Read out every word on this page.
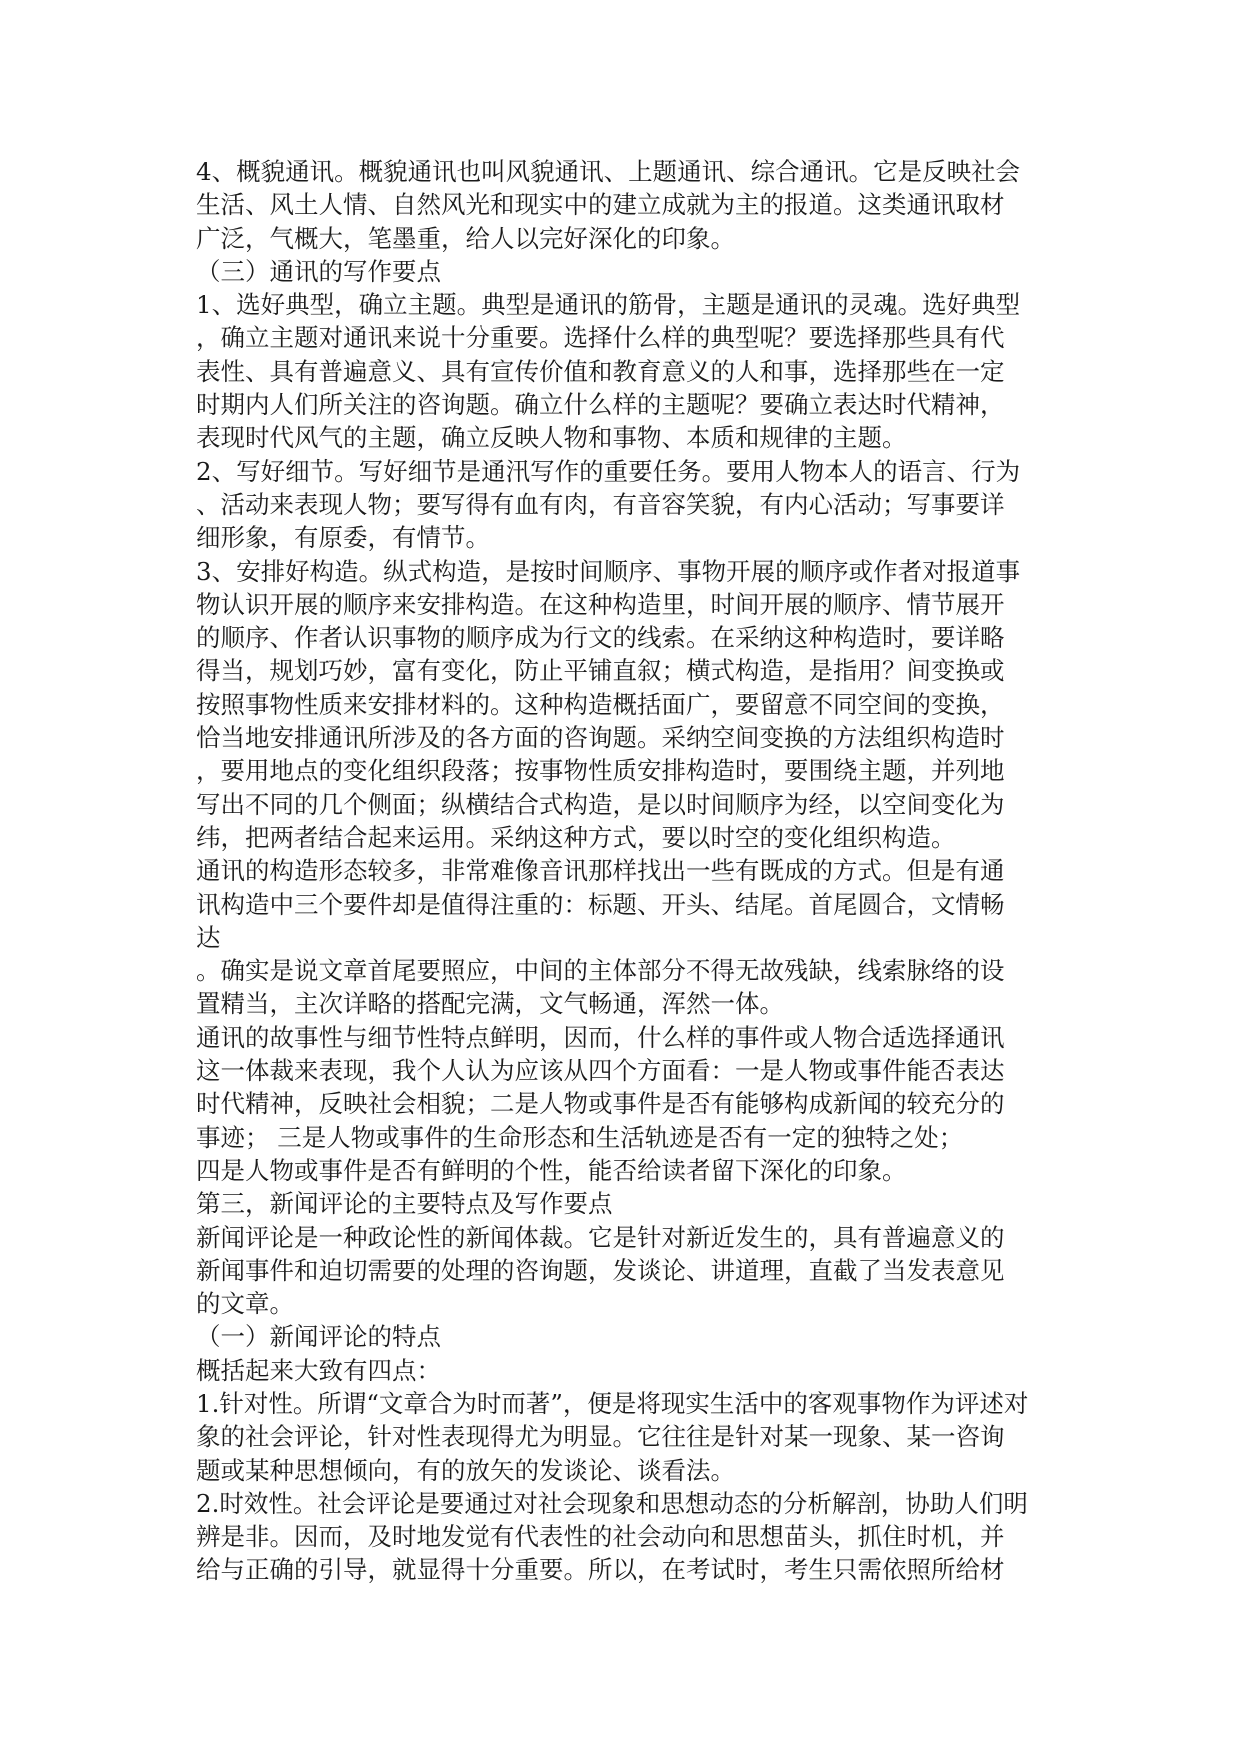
4、概貌通讯。概貌通讯也叫风貌通讯、上题通讯、综合通讯。它是反映社会
生活、风土人情、自然风光和现实中的建立成就为主的报道。这类通讯取材
广泛，气概大，笔墨重，给人以完好深化的印象。
（三）通讯的写作要点
1、选好典型，确立主题。典型是通讯的筋骨，主题是通讯的灵魂。选好典型
，确立主题对通讯来说十分重要。选择什么样的典型呢？要选择那些具有代
表性、具有普遍意义、具有宣传价值和教育意义的人和事，选择那些在一定
时期内人们所关注的咨询题。确立什么样的主题呢？要确立表达时代精神，
表现时代风气的主题，确立反映人物和事物、本质和规律的主题。
2、写好细节。写好细节是通汛写作的重要任务。要用人物本人的语言、行为
、活动来表现人物；要写得有血有肉，有音容笑貌，有内心活动；写事要详
细形象，有原委，有情节。
3、安排好构造。纵式构造，是按时间顺序、事物开展的顺序或作者对报道事
物认识开展的顺序来安排构造。在这种构造里，时间开展的顺序、情节展开
的顺序、作者认识事物的顺序成为行文的线索。在采纳这种构造时，要详略
得当，规划巧妙，富有变化，防止平铺直叙；横式构造，是指用？间变换或
按照事物性质来安排材料的。这种构造概括面广，要留意不同空间的变换，
恰当地安排通讯所涉及的各方面的咨询题。采纳空间变换的方法组织构造时
，要用地点的变化组织段落；按事物性质安排构造时，要围绕主题，并列地
写出不同的几个侧面；纵横结合式构造，是以时间顺序为经，以空间变化为
纬，把两者结合起来运用。采纳这种方式，要以时空的变化组织构造。
通讯的构造形态较多，非常难像音讯那样找出一些有既成的方式。但是有通
讯构造中三个要件却是值得注重的：标题、开头、结尾。首尾圆合，文情畅
达
。确实是说文章首尾要照应，中间的主体部分不得无故残缺，线索脉络的设
置精当，主次详略的搭配完满，文气畅通，浑然一体。
通讯的故事性与细节性特点鲜明，因而，什么样的事件或人物合适选择通讯
这一体裁来表现，我个人认为应该从四个方面看：一是人物或事件能否表达
时代精神，反映社会相貌；二是人物或事件是否有能够构成新闻的较充分的
事迹； 三是人物或事件的生命形态和生活轨迹是否有一定的独特之处；
四是人物或事件是否有鲜明的个性，能否给读者留下深化的印象。
第三，新闻评论的主要特点及写作要点
新闻评论是一种政论性的新闻体裁。它是针对新近发生的，具有普遍意义的
新闻事件和迫切需要的处理的咨询题，发谈论、讲道理，直截了当发表意见
的文章。
（一）新闻评论的特点
概括起来大致有四点：
1.针对性。所谓“文章合为时而著”，便是将现实生活中的客观事物作为评述对
象的社会评论，针对性表现得尤为明显。它往往是针对某一现象、某一咨询
题或某种思想倾向，有的放矢的发谈论、谈看法。
2.时效性。社会评论是要通过对社会现象和思想动态的分析解剖，协助人们明
辨是非。因而，及时地发觉有代表性的社会动向和思想苗头，抓住时机，并
给与正确的引导，就显得十分重要。所以，在考试时，考生只需依照所给材
